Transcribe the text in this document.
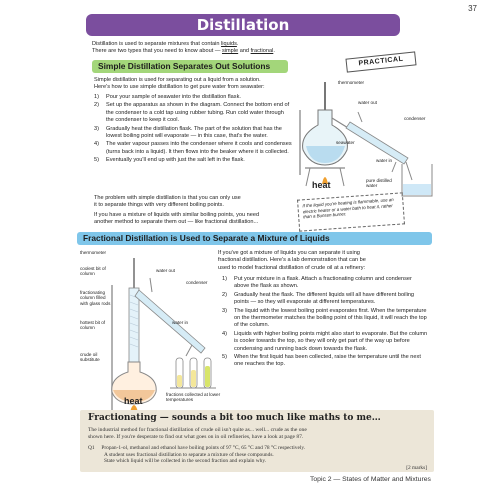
37
Distillation
Distillation is used to separate mixtures that contain liquids.
There are two types that you need to know about — simple and fractional.
Simple Distillation Separates Out Solutions	PRACTICAL
Simple distillation is used for separating out a liquid from a solution.
Here's how to use simple distillation to get pure water from seawater:
1) Pour your sample of seawater into the distillation flask.
2) Set up the apparatus as shown in the diagram. Connect the bottom end of the condenser to a cold tap using rubber tubing. Run cold water through the condenser to keep it cool.
3) Gradually heat the distillation flask. The part of the solution that has the lowest boiling point will evaporate — in this case, that's the water.
4) The water vapour passes into the condenser where it cools and condenses (turns back into a liquid). It then flows into the beaker where it is collected.
5) Eventually you'll end up with just the salt left in the flask.
The problem with simple distillation is that you can only use
it to separate things with very different boiling points.
If you have a mixture of liquids with similar boiling points, you need
another method to separate them out — like fractional distillation...
If the liquid you're heating is flammable, use an electric heater or a water bath to heat it, rather than a Bunsen burner.
thermometer
water out
condenser
seawater
water in
heat	pure distilled water
Fractional Distillation is Used to Separate a Mixture of Liquids
If you've got a mixture of liquids you can separate it using
fractional distillation. Here's a lab demonstration that can be
used to model fractional distillation of crude oil at a refinery:
1) Put your mixture in a flask. Attach a fractionating column and condenser above the flask as shown.
2) Gradually heat the flask. The different liquids will all have different boiling points — so they will evaporate at different temperatures.
3) The liquid with the lowest boiling point evaporates first. When the temperature on the thermometer matches the boiling point of this liquid, it will reach the top of the column.
4) Liquids with higher boiling points might also start to evaporate. But the column is cooler towards the top, so they will only get part of the way up before condensing and running back down towards the flask.
5) When the first liquid has been collected, raise the temperature until the next one reaches the top.
thermometer
coolest bit of column
water out
condenser
fractionating column filled with glass rods
hottest bit of column
water in
crude oil substitute
fractions collected at lower temperatures
heat
Fractionating — sounds a bit too much like maths to me…
The industrial method for fractional distillation of crude oil isn't quite as... well... crude as the one
shown here. If you're desperate to find out what goes on in oil refineries, have a look at page 87.
Q1 Propan-1-ol, methanol and ethanol have boiling points of 97 °C, 65 °C and 78 °C respectively.
A student uses fractional distillation to separate a mixture of these compounds.
State which liquid will be collected in the second fraction and explain why.
[2 marks]
Topic 2 — States of Matter and Mixtures
